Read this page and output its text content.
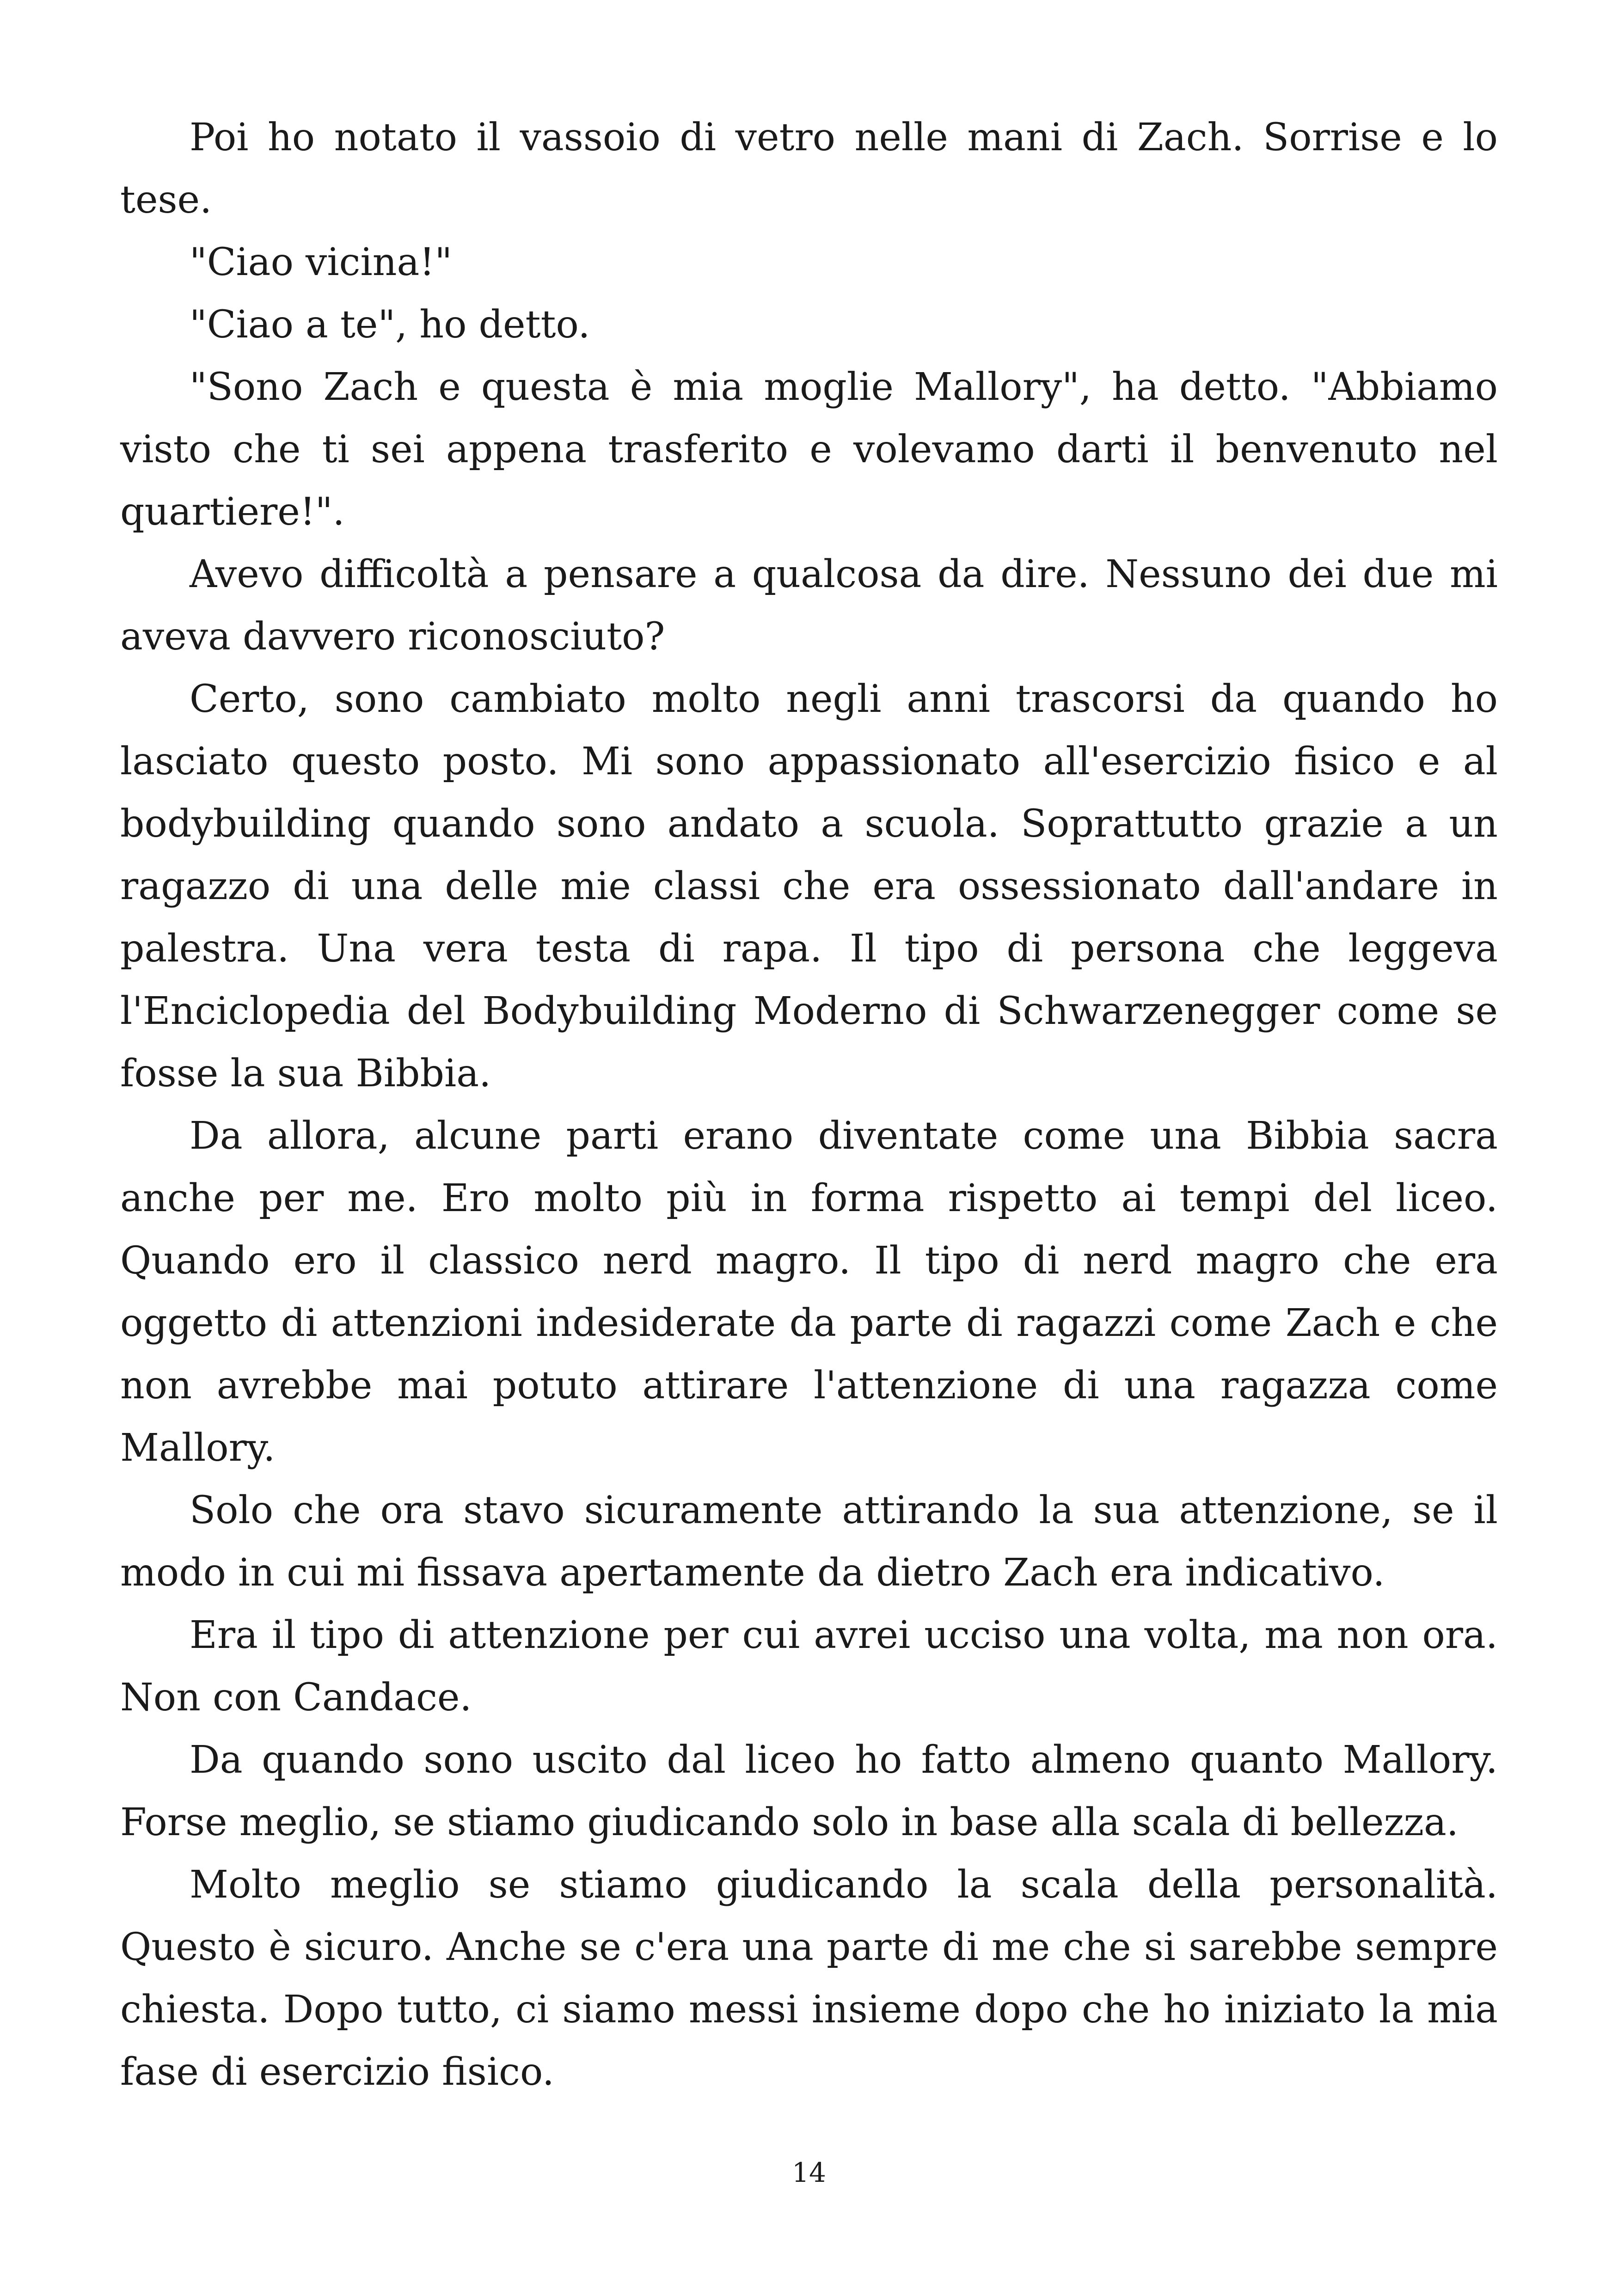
Poi ho notato il vassoio di vetro nelle mani di Zach. Sorrise e lo tese.

"Ciao vicina!"

"Ciao a te", ho detto.

"Sono Zach e questa è mia moglie Mallory", ha detto. "Abbiamo visto che ti sei appena trasferito e volevamo darti il benvenuto nel quartiere!".

Avevo difficoltà a pensare a qualcosa da dire. Nessuno dei due mi aveva davvero riconosciuto?

Certo, sono cambiato molto negli anni trascorsi da quando ho lasciato questo posto. Mi sono appassionato all'esercizio fisico e al bodybuilding quando sono andato a scuola. Soprattutto grazie a un ragazzo di una delle mie classi che era ossessionato dall'andare in palestra. Una vera testa di rapa. Il tipo di persona che leggeva l'Enciclopedia del Bodybuilding Moderno di Schwarzenegger come se fosse la sua Bibbia.

Da allora, alcune parti erano diventate come una Bibbia sacra anche per me. Ero molto più in forma rispetto ai tempi del liceo. Quando ero il classico nerd magro. Il tipo di nerd magro che era oggetto di attenzioni indesiderate da parte di ragazzi come Zach e che non avrebbe mai potuto attirare l'attenzione di una ragazza come Mallory.

Solo che ora stavo sicuramente attirando la sua attenzione, se il modo in cui mi fissava apertamente da dietro Zach era indicativo.

Era il tipo di attenzione per cui avrei ucciso una volta, ma non ora. Non con Candace.

Da quando sono uscito dal liceo ho fatto almeno quanto Mallory. Forse meglio, se stiamo giudicando solo in base alla scala di bellezza.

Molto meglio se stiamo giudicando la scala della personalità. Questo è sicuro. Anche se c'era una parte di me che si sarebbe sempre chiesta. Dopo tutto, ci siamo messi insieme dopo che ho iniziato la mia fase di esercizio fisico.

14
